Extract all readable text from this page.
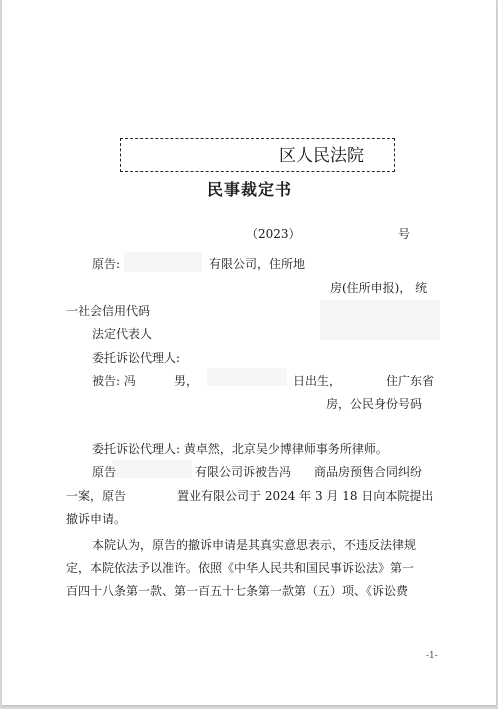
区人民法院
民事裁定书
（2023）	号
原告:	有限公司，住所地
房(住所申报)， 统
一社会信用代码
法定代表人
委托诉讼代理人:
被告: 冯	男，	日出生，	住广东省
房，公民身份号码
委托诉讼代理人: 黄卓然，北京吴少博律师事务所律师。
原告	有限公司诉被告冯 商品房预售合同纠纷
一案，原告	置业有限公司于 2024 年 3 月 18 日向本院提出
撤诉申请。
本院认为，原告的撤诉申请是其真实意思表示，不违反法律规
定，本院依法予以准许。依照《中华人民共和国民事诉讼法》第一
百四十八条第一款、第一百五十七条第一款第（五）项、《诉讼费
-1-
